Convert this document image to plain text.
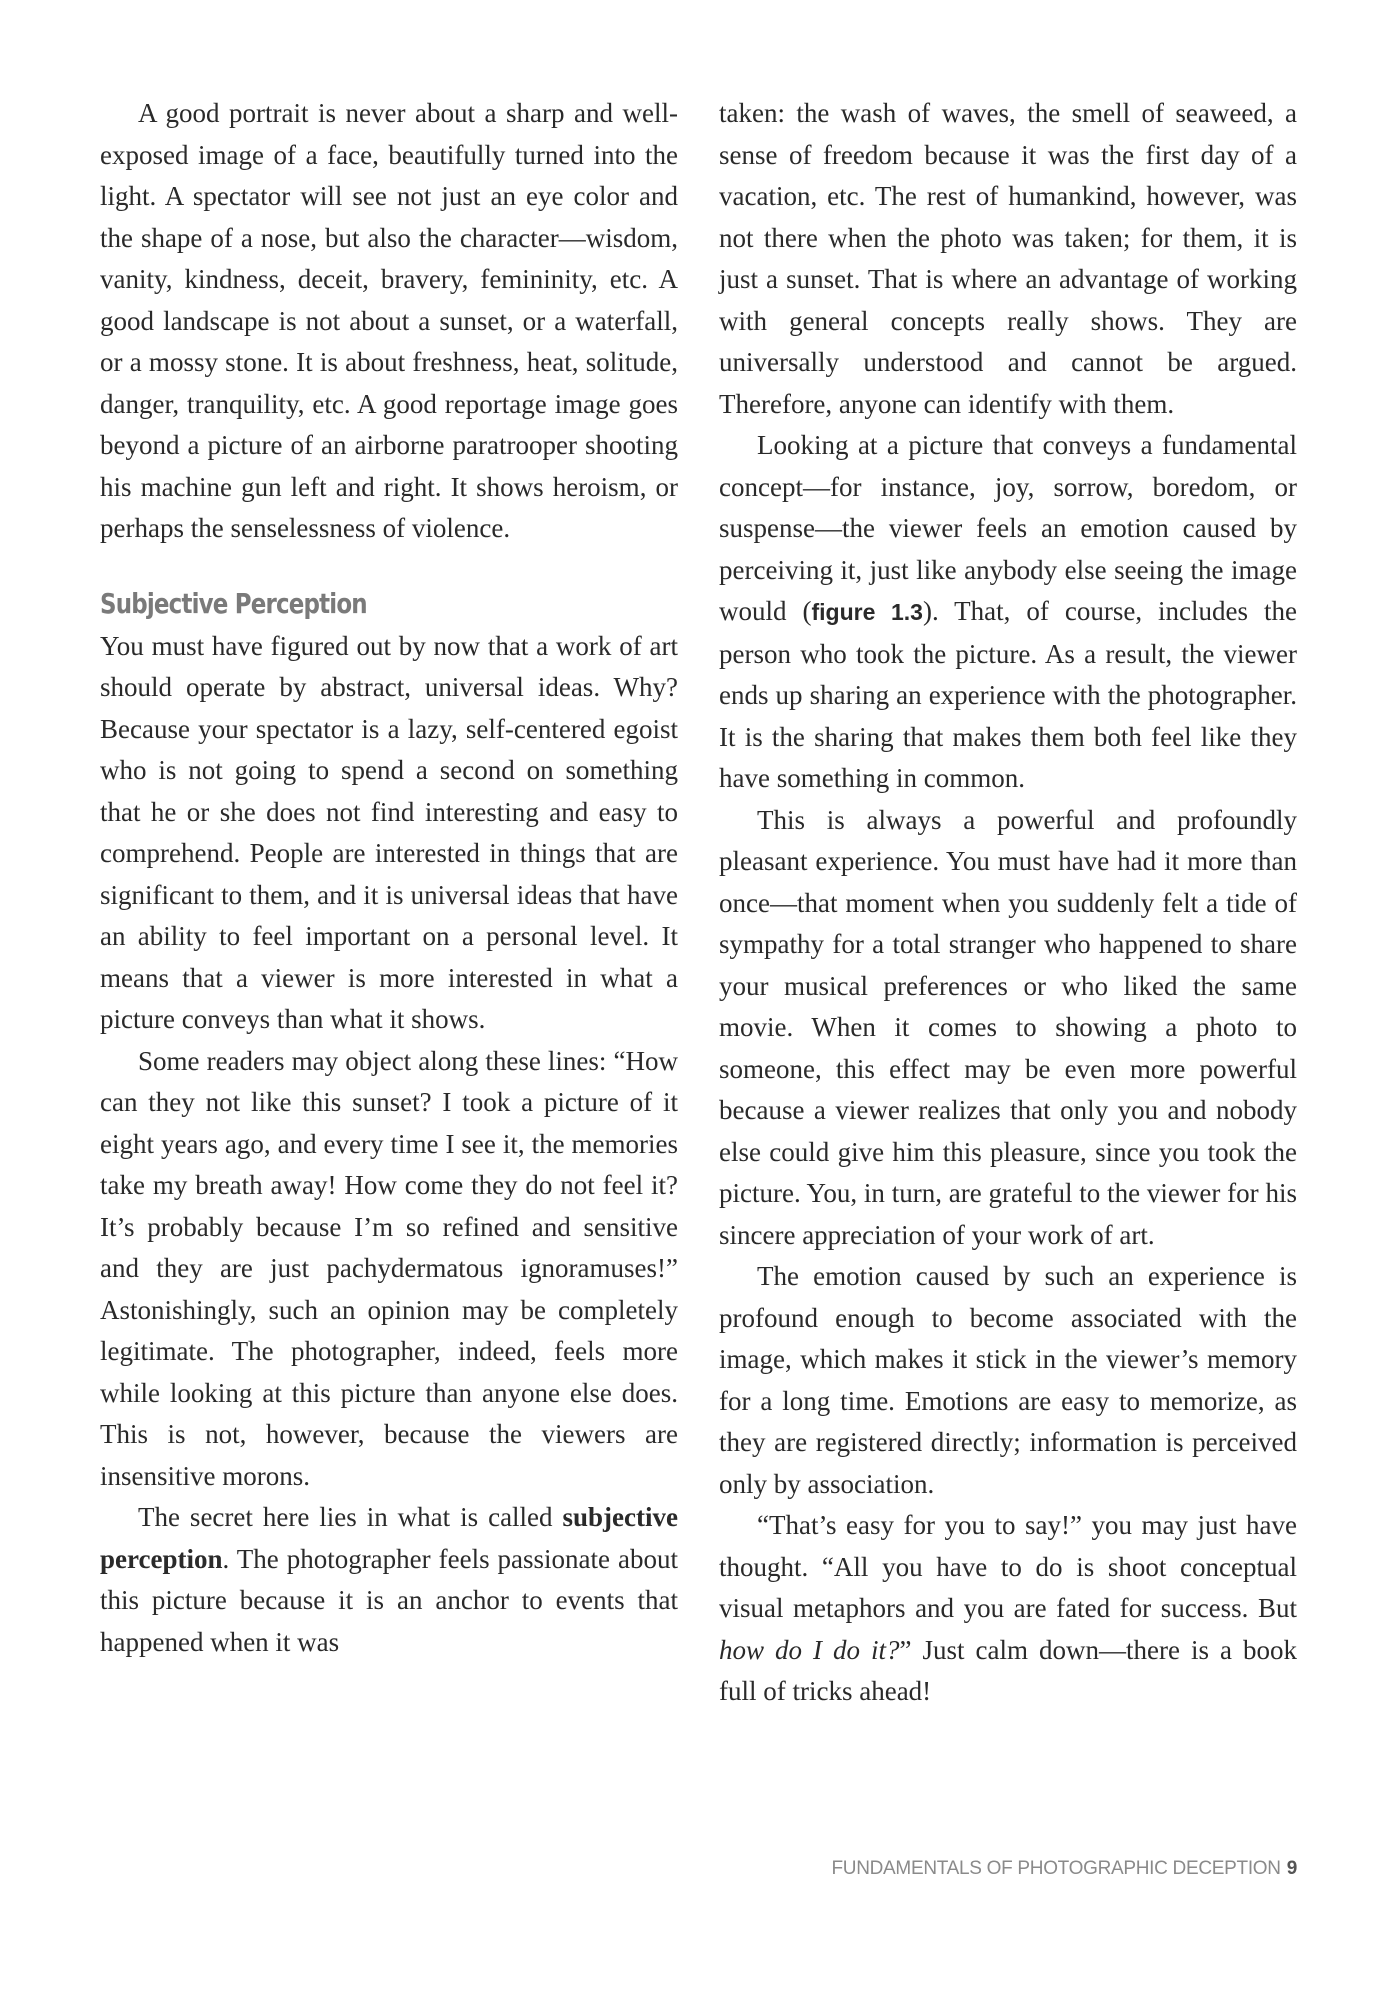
A good portrait is never about a sharp and well-exposed image of a face, beautifully turned into the light. A spectator will see not just an eye color and the shape of a nose, but also the character—wisdom, vanity, kindness, deceit, bravery, femininity, etc. A good landscape is not about a sunset, or a waterfall, or a mossy stone. It is about freshness, heat, solitude, danger, tranquility, etc. A good reportage image goes beyond a picture of an airborne paratrooper shooting his machine gun left and right. It shows heroism, or perhaps the senselessness of violence.

Subjective Perception

You must have figured out by now that a work of art should operate by abstract, universal ideas. Why? Because your spectator is a lazy, self-centered egoist who is not going to spend a second on something that he or she does not find interesting and easy to comprehend. People are interested in things that are significant to them, and it is universal ideas that have an ability to feel important on a personal level. It means that a viewer is more interested in what a picture conveys than what it shows.

Some readers may object along these lines: “How can they not like this sunset? I took a picture of it eight years ago, and every time I see it, the memories take my breath away! How come they do not feel it? It’s probably because I’m so refined and sensitive and they are just pachydermatous ignoramuses!” Astonishingly, such an opinion may be completely legitimate. The photographer, indeed, feels more while looking at this picture than anyone else does. This is not, however, because the viewers are insensitive morons.

The secret here lies in what is called subjective perception. The photographer feels passionate about this picture because it is an anchor to events that happened when it was

taken: the wash of waves, the smell of seaweed, a sense of freedom because it was the first day of a vacation, etc. The rest of humankind, however, was not there when the photo was taken; for them, it is just a sunset. That is where an advantage of working with general concepts really shows. They are universally understood and cannot be argued. Therefore, anyone can identify with them.

Looking at a picture that conveys a fundamental concept—for instance, joy, sorrow, boredom, or suspense—the viewer feels an emotion caused by perceiving it, just like anybody else seeing the image would (figure 1.3). That, of course, includes the person who took the picture. As a result, the viewer ends up sharing an experience with the photographer. It is the sharing that makes them both feel like they have something in common.

This is always a powerful and profoundly pleasant experience. You must have had it more than once—that moment when you suddenly felt a tide of sympathy for a total stranger who happened to share your musical preferences or who liked the same movie. When it comes to showing a photo to someone, this effect may be even more powerful because a viewer realizes that only you and nobody else could give him this pleasure, since you took the picture. You, in turn, are grateful to the viewer for his sincere appreciation of your work of art.

The emotion caused by such an experience is profound enough to become associated with the image, which makes it stick in the viewer’s memory for a long time. Emotions are easy to memorize, as they are registered directly; information is perceived only by association.

“That’s easy for you to say!” you may just have thought. “All you have to do is shoot conceptual visual metaphors and you are fated for success. But how do I do it?” Just calm down—there is a book full of tricks ahead!

FUNDAMENTALS OF PHOTOGRAPHIC DECEPTION 9
